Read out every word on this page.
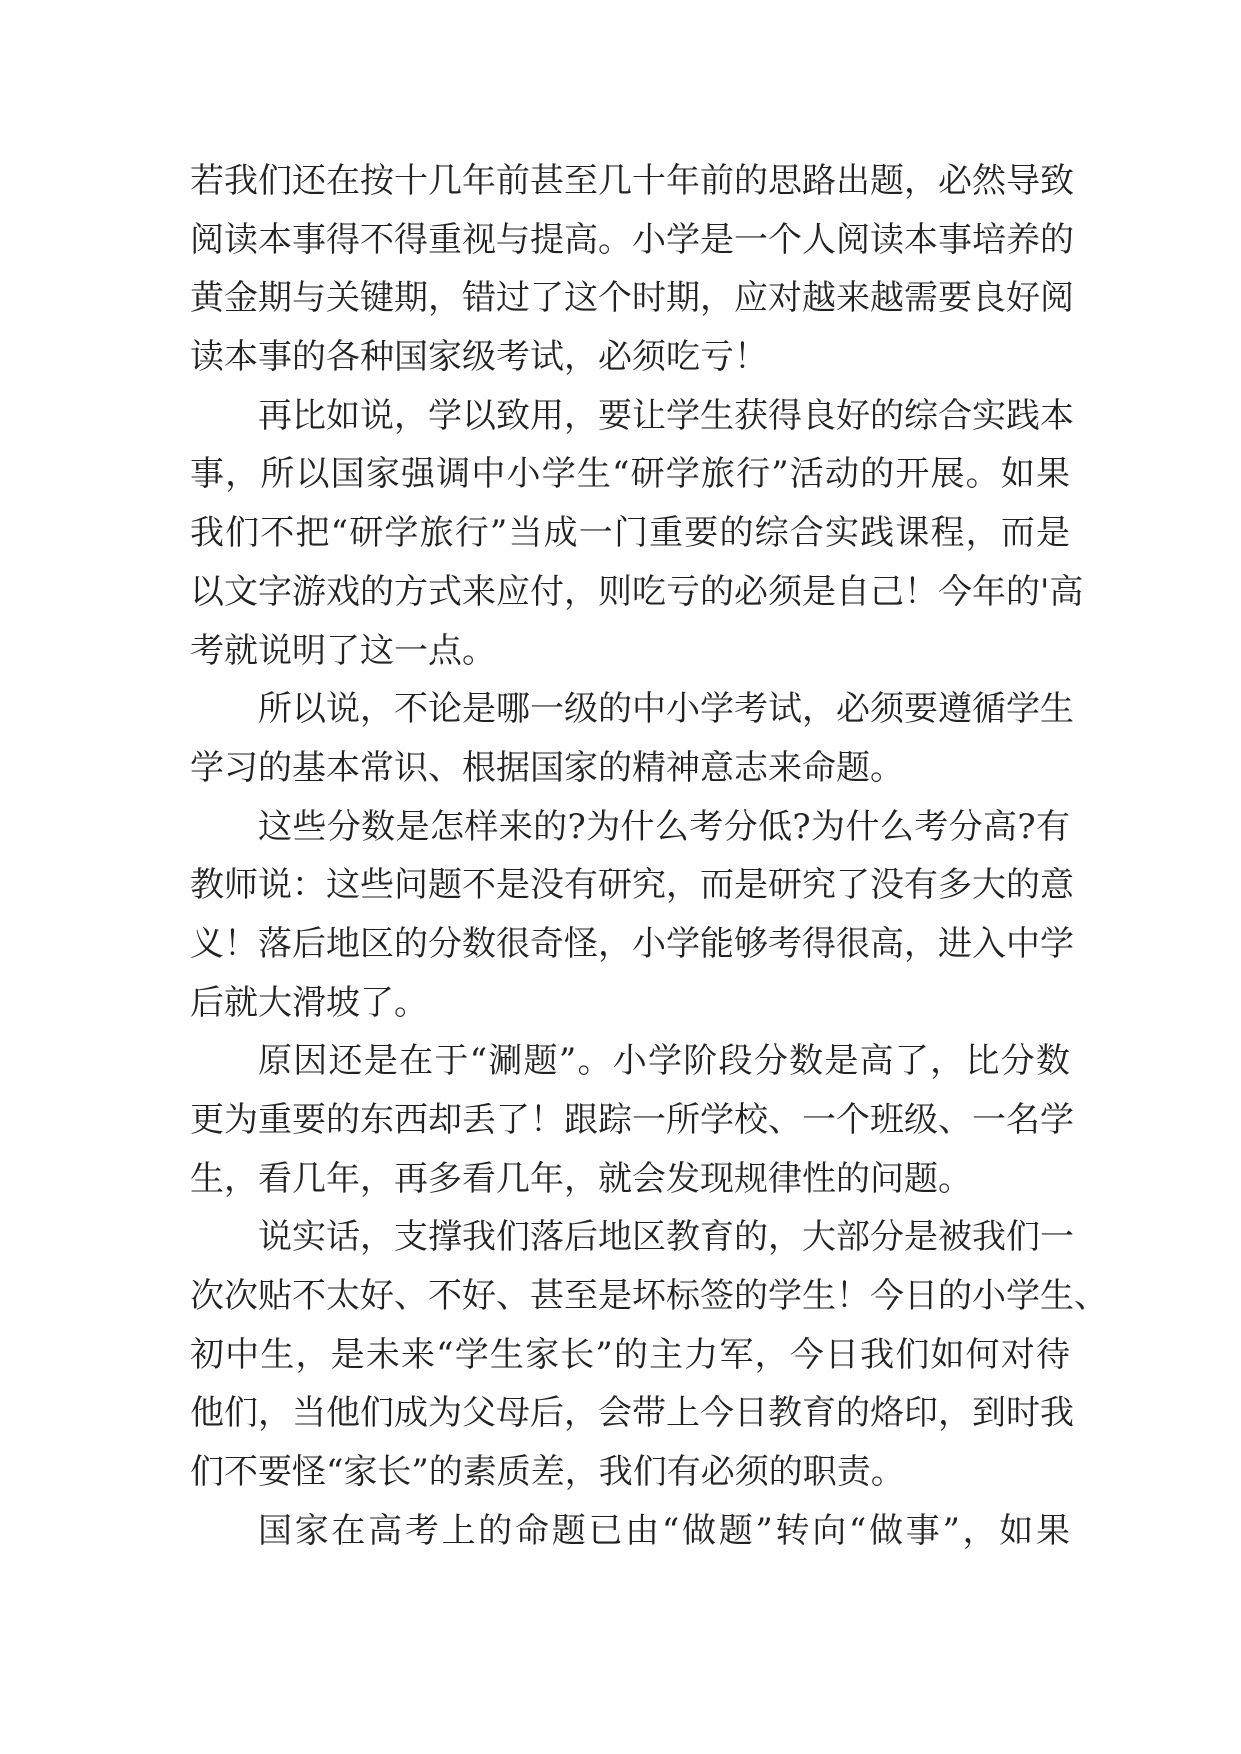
若我们还在按十几年前甚至几十年前的思路出题，必然导致
阅读本事得不得重视与提高。小学是一个人阅读本事培养的
黄金期与关键期，错过了这个时期，应对越来越需要良好阅
读本事的各种国家级考试，必须吃亏！
再比如说，学以致用，要让学生获得良好的综合实践本
事，所以国家强调中小学生“研学旅行”活动的开展。如果
我们不把“研学旅行”当成一门重要的综合实践课程，而是
以文字游戏的方式来应付，则吃亏的必须是自己！今年的'高
考就说明了这一点。
所以说，不论是哪一级的中小学考试，必须要遵循学生
学习的基本常识、根据国家的精神意志来命题。
这些分数是怎样来的?为什么考分低?为什么考分高?有
教师说：这些问题不是没有研究，而是研究了没有多大的意
义！落后地区的分数很奇怪，小学能够考得很高，进入中学
后就大滑坡了。
原因还是在于“涮题”。小学阶段分数是高了，比分数
更为重要的东西却丢了！跟踪一所学校、一个班级、一名学
生，看几年，再多看几年，就会发现规律性的问题。
说实话，支撑我们落后地区教育的，大部分是被我们一
次次贴不太好、不好、甚至是坏标签的学生！今日的小学生、
初中生，是未来“学生家长”的主力军，今日我们如何对待
他们，当他们成为父母后，会带上今日教育的烙印，到时我
们不要怪“家长”的素质差，我们有必须的职责。
国家在高考上的命题已由“做题”转向“做事”，如果
